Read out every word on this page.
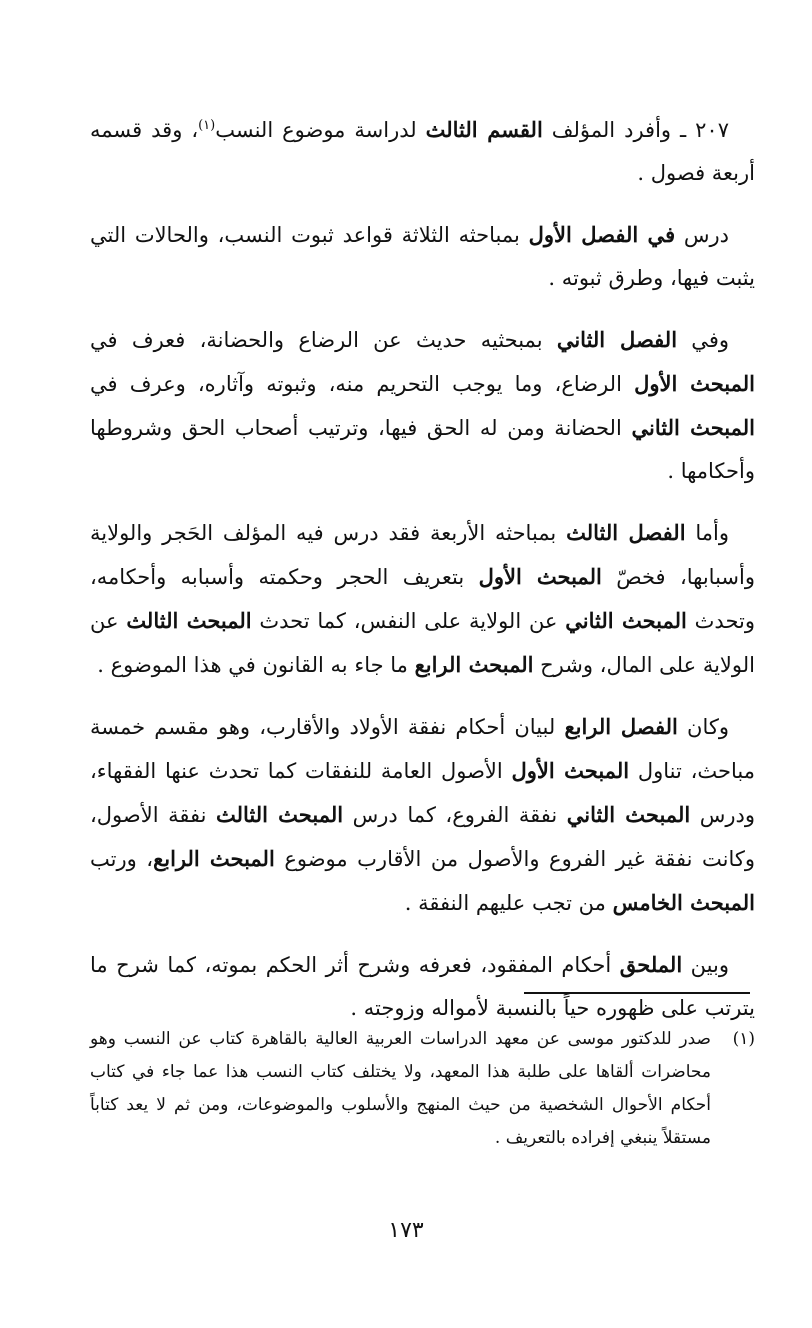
٢٠٧ ـ وأفرد المؤلف القسم الثالث لدراسة موضوع النسب$^{(١)}$، وقد قسمه أربعة فصول .

درس في الفصل الأول بمباحثه الثلاثة قواعد ثبوت النسب، والحالات التي يثبت فيها، وطرق ثبوته .

وفي الفصل الثاني بمبحثيه حديث عن الرضاع والحضانة، فعرف في المبحث الأول الرضاع، وما يوجب التحريم منه، وثبوته وآثاره، وعرف في المبحث الثاني الحضانة ومن له الحق فيها، وترتيب أصحاب الحق وشروطها وأحكامها .

وأما الفصل الثالث بمباحثه الأربعة فقد درس فيه المؤلف الحَجر والولاية وأسبابها، فخصّ المبحث الأول بتعريف الحجر وحكمته وأسبابه وأحكامه، وتحدث المبحث الثاني عن الولاية على النفس، كما تحدث المبحث الثالث عن الولاية على المال، وشرح المبحث الرابع ما جاء به القانون في هذا الموضوع .

وكان الفصل الرابع لبيان أحكام نفقة الأولاد والأقارب، وهو مقسم خمسة مباحث، تناول المبحث الأول الأصول العامة للنفقات كما تحدث عنها الفقهاء، ودرس المبحث الثاني نفقة الفروع، كما درس المبحث الثالث نفقة الأصول، وكانت نفقة غير الفروع والأصول من الأقارب موضوع المبحث الرابع، ورتب المبحث الخامس من تجب عليهم النفقة .

وبين الملحق أحكام المفقود، فعرفه وشرح أثر الحكم بموته، كما شرح ما يترتب على ظهوره حياً بالنسبة لأمواله وزوجته .

(١)
صدر للدكتور موسى عن معهد الدراسات العربية العالية بالقاهرة كتاب عن النسب وهو محاضرات ألقاها على طلبة هذا المعهد، ولا يختلف كتاب النسب هذا عما جاء في كتاب أحكام الأحوال الشخصية من حيث المنهج والأسلوب والموضوعات، ومن ثم لا يعد كتاباً مستقلاً ينبغي إفراده بالتعريف .
١٧٣
